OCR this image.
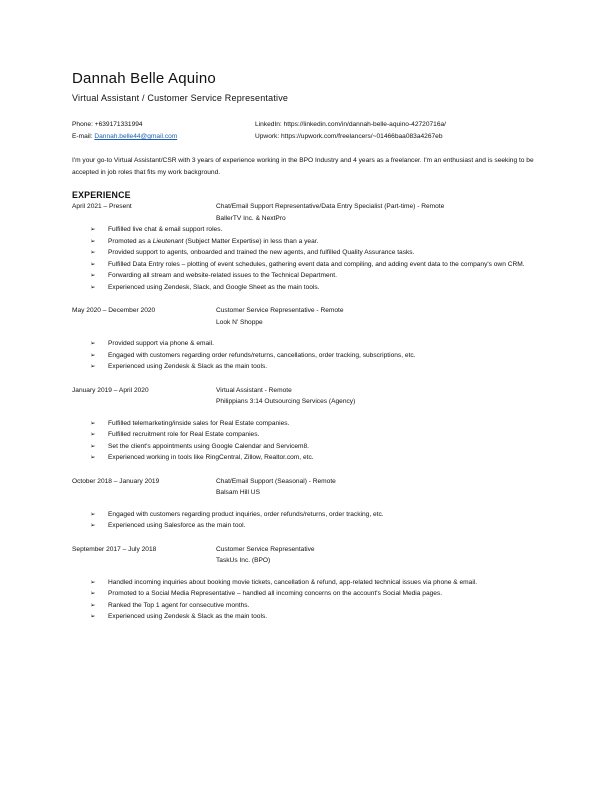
Dannah Belle Aquino
Virtual Assistant / Customer Service Representative
Phone: +639171331994	LinkedIn: https://linkedin.com/in/dannah-belle-aquino-42720716a/
E-mail: Dannah.belle44@gmail.com	Upwork: https://upwork.com/freelancers/~01466baa083a4267eb
I'm your go-to Virtual Assistant/CSR with 3 years of experience working in the BPO Industry and 4 years as a freelancer. I'm an enthusiast and is seeking to be accepted in job roles that fits my work background.
EXPERIENCE
April 2021 – Present	Chat/Email Support Representative/Data Entry Specialist (Part-time) - Remote
BallerTV Inc. & NextPro
➢ Fulfilled live chat & email support roles.
➢ Promoted as a Lieutenant (Subject Matter Expertise) in less than a year.
➢ Provided support to agents, onboarded and trained the new agents, and fulfilled Quality Assurance tasks.
➢ Fulfilled Data Entry roles – plotting of event schedules, gathering event data and compiling, and adding event data to the company's own CRM.
➢ Forwarding all stream and website-related issues to the Technical Department.
➢ Experienced using Zendesk, Slack, and Google Sheet as the main tools.
May 2020 – December 2020	Customer Service Representative - Remote
Look N' Shoppe
➢ Provided support via phone & email.
➢ Engaged with customers regarding order refunds/returns, cancellations, order tracking, subscriptions, etc.
➢ Experienced using Zendesk & Slack as the main tools.
January 2019 – April 2020	Virtual Assistant - Remote
Philippians 3:14 Outsourcing Services (Agency)
➢ Fulfilled telemarketing/inside sales for Real Estate companies.
➢ Fulfilled recruitment role for Real Estate companies.
➢ Set the client's appointments using Google Calendar and Servicem8.
➢ Experienced working in tools like RingCentral, Zillow, Realtor.com, etc.
October 2018 – January 2019	Chat/Email Support (Seasonal) - Remote
Balsam Hill US
➢ Engaged with customers regarding product inquiries, order refunds/returns, order tracking, etc.
➢ Experienced using Salesforce as the main tool.
September 2017 – July 2018	Customer Service Representative
TaskUs Inc. (BPO)
➢ Handled incoming inquiries about booking movie tickets, cancellation & refund, app-related technical issues via phone & email.
➢ Promoted to a Social Media Representative – handled all incoming concerns on the account's Social Media pages.
➢ Ranked the Top 1 agent for consecutive months.
➢ Experienced using Zendesk & Slack as the main tools.
